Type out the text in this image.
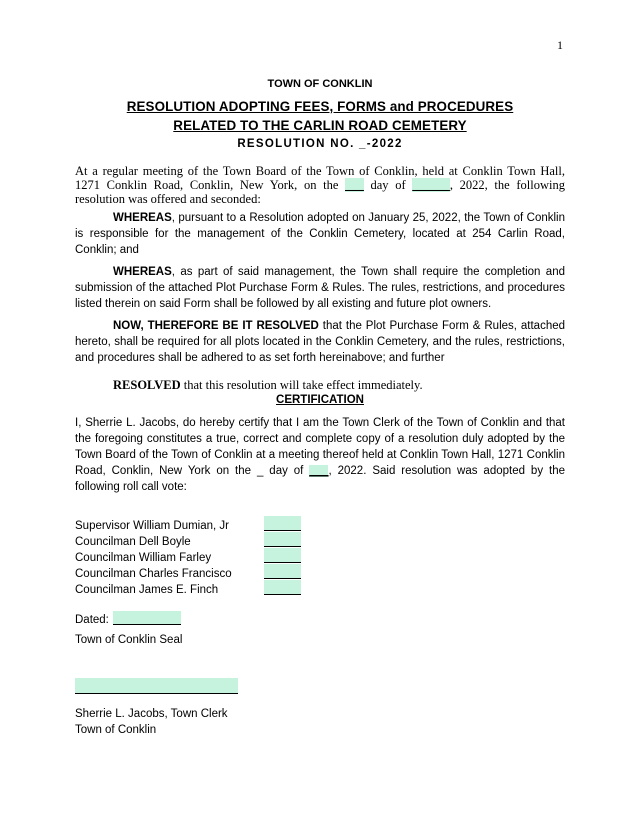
1
TOWN OF CONKLIN
RESOLUTION ADOPTING FEES, FORMS and PROCEDURES
RELATED TO THE CARLIN ROAD CEMETERY
RESOLUTION NO. _-2022
At a regular meeting of the Town Board of the Town of Conklin, held at Conklin Town Hall, 1271 Conklin Road, Conklin, New York, on the ___ day of ______, 2022, the following resolution was offered and seconded:
WHEREAS, pursuant to a Resolution adopted on January 25, 2022, the Town of Conklin is responsible for the management of the Conklin Cemetery, located at 254 Carlin Road, Conklin; and
WHEREAS, as part of said management, the Town shall require the completion and submission of the attached Plot Purchase Form & Rules. The rules, restrictions, and procedures listed therein on said Form shall be followed by all existing and future plot owners.
NOW, THEREFORE BE IT RESOLVED that the Plot Purchase Form & Rules, attached hereto, shall be required for all plots located in the Conklin Cemetery, and the rules, restrictions, and procedures shall be adhered to as set forth hereinabove; and further
RESOLVED that this resolution will take effect immediately.
CERTIFICATION
I, Sherrie L. Jacobs, do hereby certify that I am the Town Clerk of the Town of Conklin and that the foregoing constitutes a true, correct and complete copy of a resolution duly adopted by the Town Board of the Town of Conklin at a meeting thereof held at Conklin Town Hall, 1271 Conklin Road, Conklin, New York on the _ day of ___, 2022. Said resolution was adopted by the following roll call vote:
Supervisor William Dumian, Jr
Councilman Dell Boyle
Councilman William Farley
Councilman Charles Francisco
Councilman James E. Finch
Dated:
Town of Conklin Seal
Sherrie L. Jacobs, Town Clerk
Town of Conklin
